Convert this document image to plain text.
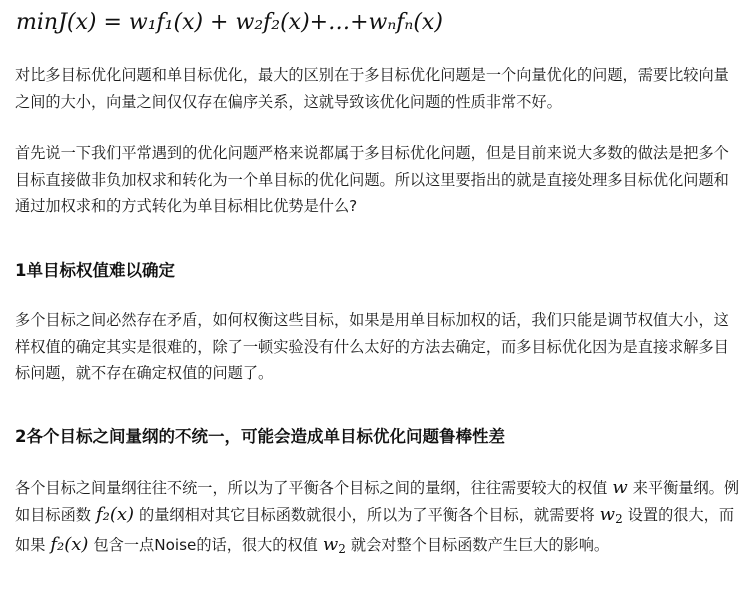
minJ(x) = w₁f₁(x) + w₂f₂(x)+…+wₙfₙ(x)
对比多目标优化问题和单目标优化，最大的区别在于多目标优化问题是一个向量优化的问题，需要比较向量之间的大小，向量之间仅仅存在偏序关系，这就导致该优化问题的性质非常不好。
首先说一下我们平常遇到的优化问题严格来说都属于多目标优化问题，但是目前来说大多数的做法是把多个目标直接做非负加权求和转化为一个单目标的优化问题。所以这里要指出的就是直接处理多目标优化问题和通过加权求和的方式转化为单目标相比优势是什么?
1单目标权值难以确定
多个目标之间必然存在矛盾，如何权衡这些目标，如果是用单目标加权的话，我们只能是调节权值大小，这样权值的确定其实是很难的，除了一顿实验没有什么太好的方法去确定，而多目标优化因为是直接求解多目标问题，就不存在确定权值的问题了。
2各个目标之间量纲的不统一，可能会造成单目标优化问题鲁棒性差
各个目标之间量纲往往不统一，所以为了平衡各个目标之间的量纲，往往需要较大的权值 w 来平衡量纲。例如目标函数 f₂(x) 的量纲相对其它目标函数就很小，所以为了平衡各个目标，就需要将 $w_2$ 设置的很大，而如果 f₂(x) 包含一点Noise的话，很大的权值 $w_2$ 就会对整个目标函数产生巨大的影响。
